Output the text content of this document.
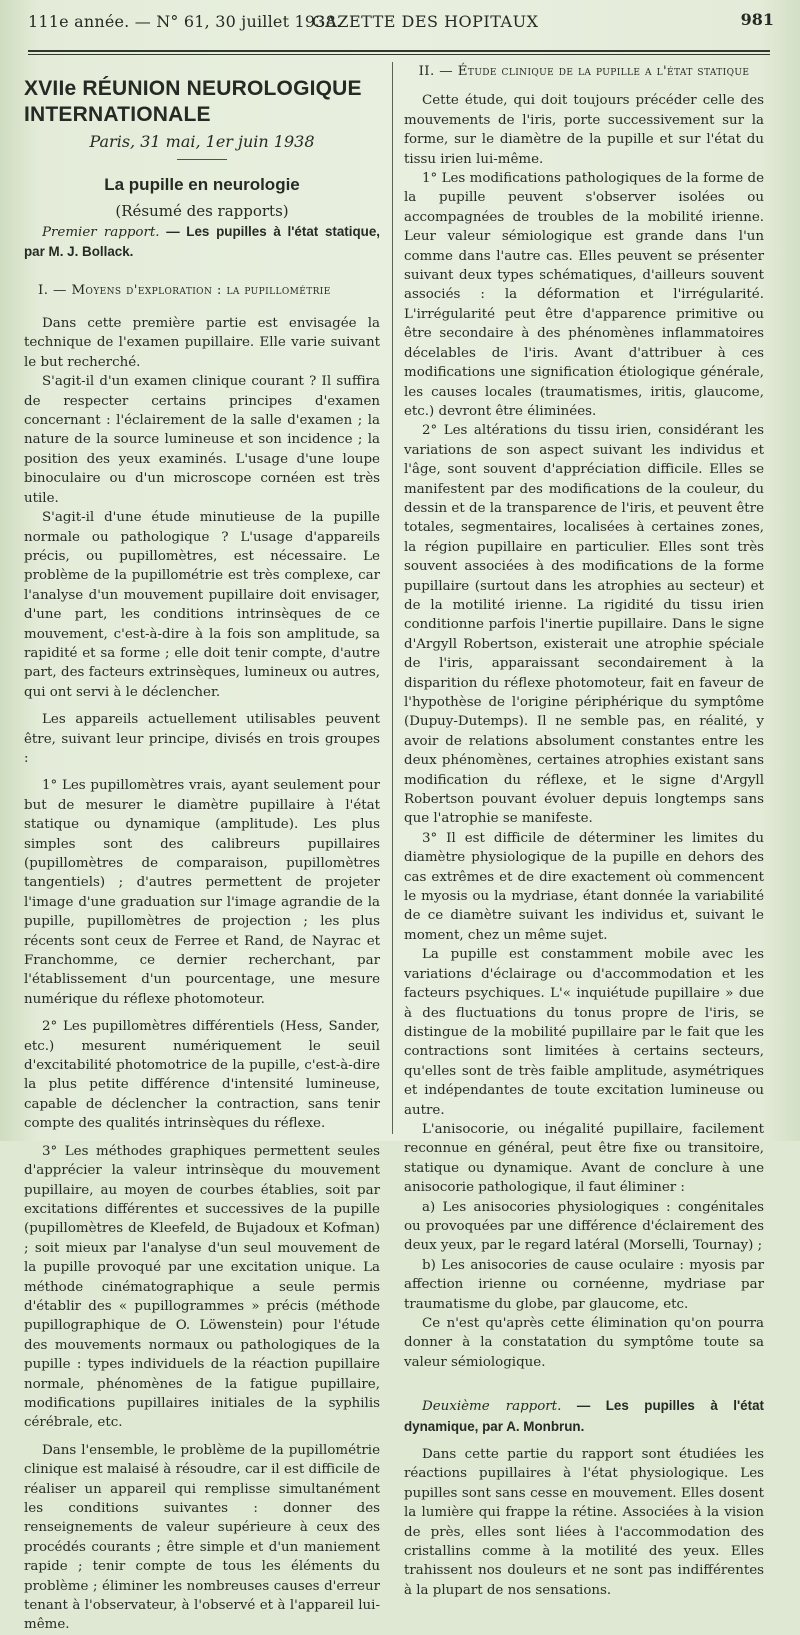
111e année. — N° 61, 30 juillet 1938.
GAZETTE DES HOPITAUX	981

XVIIe RÉUNION NEUROLOGIQUE INTERNATIONALE

Paris, 31 mai, 1er juin 1938

La pupille en neurologie

(Résumé des rapports)

Premier rapport. — Les pupilles à l'état statique, par M. J. Bollack.

I. — Moyens d'exploration : la pupillométrie

Dans cette première partie est envisagée la technique de l'examen pupillaire. Elle varie suivant le but recherché.

S'agit-il d'un examen clinique courant ? Il suffira de respecter certains principes d'examen concernant : l'éclairement de la salle d'examen ; la nature de la source lumineuse et son incidence ; la position des yeux examinés. L'usage d'une loupe binoculaire ou d'un microscope cornéen est très utile.

S'agit-il d'une étude minutieuse de la pupille normale ou pathologique ? L'usage d'appareils précis, ou pupillomètres, est nécessaire. Le problème de la pupillométrie est très complexe, car l'analyse d'un mouvement pupillaire doit envisager, d'une part, les conditions intrinsèques de ce mouvement, c'est-à-dire à la fois son amplitude, sa rapidité et sa forme ; elle doit tenir compte, d'autre part, des facteurs extrinsèques, lumineux ou autres, qui ont servi à le déclencher.

Les appareils actuellement utilisables peuvent être, suivant leur principe, divisés en trois groupes :

1° Les pupillomètres vrais, ayant seulement pour but de mesurer le diamètre pupillaire à l'état statique ou dynamique (amplitude). Les plus simples sont des calibreurs pupillaires (pupillomètres de comparaison, pupillomètres tangentiels) ; d'autres permettent de projeter l'image d'une graduation sur l'image agrandie de la pupille, pupillomètres de projection ; les plus récents sont ceux de Ferree et Rand, de Nayrac et Franchomme, ce dernier recherchant, par l'établissement d'un pourcentage, une mesure numérique du réflexe photomoteur.

2° Les pupillomètres différentiels (Hess, Sander, etc.) mesurent numériquement le seuil d'excitabilité photomotrice de la pupille, c'est-à-dire la plus petite différence d'intensité lumineuse, capable de déclencher la contraction, sans tenir compte des qualités intrinsèques du réflexe.

3° Les méthodes graphiques permettent seules d'apprécier la valeur intrinsèque du mouvement pupillaire, au moyen de courbes établies, soit par excitations différentes et successives de la pupille (pupillomètres de Kleefeld, de Bujadoux et Kofman) ; soit mieux par l'analyse d'un seul mouvement de la pupille provoqué par une excitation unique. La méthode cinématographique a seule permis d'établir des « pupillogrammes » précis (méthode pupillographique de O. Löwenstein) pour l'étude des mouvements normaux ou pathologiques de la pupille : types individuels de la réaction pupillaire normale, phénomènes de la fatigue pupillaire, modifications pupillaires initiales de la syphilis cérébrale, etc.

Dans l'ensemble, le problème de la pupillométrie clinique est malaisé à résoudre, car il est difficile de réaliser un appareil qui remplisse simultanément les conditions suivantes : donner des renseignements de valeur supérieure à ceux des procédés courants ; être simple et d'un maniement rapide ; tenir compte de tous les éléments du problème ; éliminer les nombreuses causes d'erreur tenant à l'observateur, à l'observé et à l'appareil lui-même.

II. — Étude clinique de la pupille a l'état statique

Cette étude, qui doit toujours précéder celle des mouvements de l'iris, porte successivement sur la forme, sur le diamètre de la pupille et sur l'état du tissu irien lui-même.

1° Les modifications pathologiques de la forme de la pupille peuvent s'observer isolées ou accompagnées de troubles de la mobilité irienne. Leur valeur sémiologique est grande dans l'un comme dans l'autre cas. Elles peuvent se présenter suivant deux types schématiques, d'ailleurs souvent associés : la déformation et l'irrégularité. L'irrégularité peut être d'apparence primitive ou être secondaire à des phénomènes inflammatoires décelables de l'iris. Avant d'attribuer à ces modifications une signification étiologique générale, les causes locales (traumatismes, iritis, glaucome, etc.) devront être éliminées.

2° Les altérations du tissu irien, considérant les variations de son aspect suivant les individus et l'âge, sont souvent d'appréciation difficile. Elles se manifestent par des modifications de la couleur, du dessin et de la transparence de l'iris, et peuvent être totales, segmentaires, localisées à certaines zones, la région pupillaire en particulier. Elles sont très souvent associées à des modifications de la forme pupillaire (surtout dans les atrophies au secteur) et de la motilité irienne. La rigidité du tissu irien conditionne parfois l'inertie pupillaire. Dans le signe d'Argyll Robertson, existerait une atrophie spéciale de l'iris, apparaissant secondairement à la disparition du réflexe photomoteur, fait en faveur de l'hypothèse de l'origine périphérique du symptôme (Dupuy-Dutemps). Il ne semble pas, en réalité, y avoir de relations absolument constantes entre les deux phénomènes, certaines atrophies existant sans modification du réflexe, et le signe d'Argyll Robertson pouvant évoluer depuis longtemps sans que l'atrophie se manifeste.

3° Il est difficile de déterminer les limites du diamètre physiologique de la pupille en dehors des cas extrêmes et de dire exactement où commencent le myosis ou la mydriase, étant donnée la variabilité de ce diamètre suivant les individus et, suivant le moment, chez un même sujet.

La pupille est constamment mobile avec les variations d'éclairage ou d'accommodation et les facteurs psychiques. L'« inquiétude pupillaire » due à des fluctuations du tonus propre de l'iris, se distingue de la mobilité pupillaire par le fait que les contractions sont limitées à certains secteurs, qu'elles sont de très faible amplitude, asymétriques et indépendantes de toute excitation lumineuse ou autre.

L'anisocorie, ou inégalité pupillaire, facilement reconnue en général, peut être fixe ou transitoire, statique ou dynamique. Avant de conclure à une anisocorie pathologique, il faut éliminer :

a) Les anisocories physiologiques : congénitales ou provoquées par une différence d'éclairement des deux yeux, par le regard latéral (Morselli, Tournay) ;

b) Les anisocories de cause oculaire : myosis par affection irienne ou cornéenne, mydriase par traumatisme du globe, par glaucome, etc.

Ce n'est qu'après cette élimination qu'on pourra donner à la constatation du symptôme toute sa valeur sémiologique.

Deuxième rapport. — Les pupilles à l'état dynamique, par A. Monbrun.

Dans cette partie du rapport sont étudiées les réactions pupillaires à l'état physiologique. Les pupilles sont sans cesse en mouvement. Elles dosent la lumière qui frappe la rétine. Associées à la vision de près, elles sont liées à l'accommodation des cristallins comme à la motilité des yeux. Elles trahissent nos douleurs et ne sont pas indifférentes à la plupart de nos sensations.
